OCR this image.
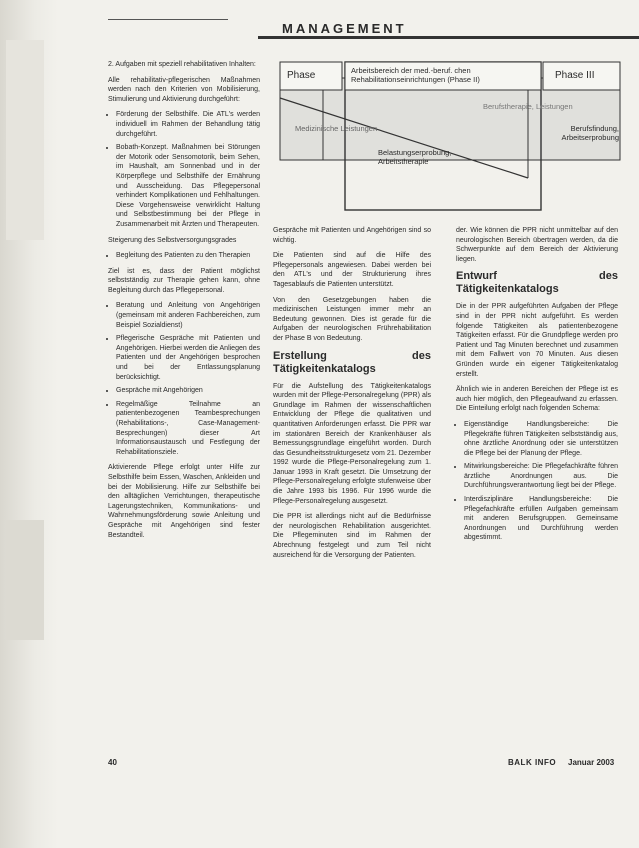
MANAGEMENT
Phase	Phase III
Arbeitsbereich der med.-beruf. chen Rehabilitationseinrichtungen (Phase II)
Berufstherapie, Leistungen
Medizinische Leistungen	Berufsfindung, Arbeitserprobung
Belastungserprobung, Arbeitstherapie

2. Aufgaben mit speziell rehabilitativen Inhalten:

Alle rehabilitativ-pflegerischen Maßnahmen werden nach den Kriterien von Mobilisierung, Stimulierung und Aktivierung durchgeführt:

• Förderung der Selbsthilfe. Die ATL's werden individuell im Rahmen der Behandlung tätig durchgeführt.
• Bobath-Konzept. Maßnahmen bei Störungen der Motorik oder Sensomotorik, beim Sehen, im Haushalt, am Sonnenbad und in der Körperpflege und Selbsthilfe der Ernährung und Ausscheidung. Das Pflegepersonal verhindert Komplikationen und Fehlhaltungen. Diese Vorgehensweise verwirklicht Haltung und Selbstbestimmung bei der Pflege in Zusammenarbeit mit Ärzten und Therapeuten.

Steigerung des Selbstversorgungsgrades

• Begleitung des Patienten zu den Therapien

Ziel ist es, dass der Patient möglichst selbstständig zur Therapie gehen kann, ohne Begleitung durch das Pflegepersonal.

• Beratung und Anleitung von Angehörigen (gemeinsam mit anderen Fachbereichen, zum Beispiel Sozialdienst)
• Pflegerische Gespräche mit Patienten und Angehörigen. Hierbei werden die Anliegen des Patienten und der Angehörigen besprochen und bei der Entlassungsplanung berücksichtigt.
• Gespräche mit Angehörigen
• Regelmäßige Teilnahme an patientenbezogenen Teambesprechungen (Rehabilitations-, Case-Management-Besprechungen) dieser Art Informationsaustausch und Festlegung der Rehabilitationsziele.

Aktivierende Pflege erfolgt unter Hilfe zur Selbsthilfe beim Essen, Waschen, Ankleiden und bei der Mobilisierung. Hilfe zur Selbsthilfe bei den alltäglichen Verrichtungen, therapeutische Lagerungstechniken, Kommunikations- und Wahrnehmungsförderung sowie Anleitung und Gespräche mit Angehörigen sind fester Bestandteil.

Gespräche mit Patienten und Angehörigen sind so wichtig.

Die Patienten sind auf die Hilfe des Pflegepersonals angewiesen. Dabei werden bei den ATL's und der Strukturierung ihres Tagesablaufs die Patienten unterstützt.

Von den Gesetzgebungen haben die medizinischen Leistungen immer mehr an Bedeutung gewonnen. Dies ist gerade für die Aufgaben der neurologischen Frührehabilitation der Phase B von Bedeutung.

Erstellung des Tätigkeitenkatalogs

Für die Aufstellung des Tätigkeitenkatalogs wurden mit der Pflege-Personalregelung (PPR) als Grundlage im Rahmen der wissenschaftlichen Entwicklung der Pflege die qualitativen und quantitativen Anforderungen erfasst. Die PPR war im stationären Bereich der Krankenhäuser als Bemessungsgrundlage eingeführt worden. Durch das Gesundheitsstrukturgesetz vom 21. Dezember 1992 wurde die Pflege-Personalregelung zum 1. Januar 1993 in Kraft gesetzt. Die Umsetzung der Pflege-Personalregelung erfolgte stufenweise über die Jahre 1993 bis 1996. Für 1996 wurde die Pflege-Personalregelung ausgesetzt.

Die PPR ist allerdings nicht auf die Bedürfnisse der neurologischen Rehabilitation ausgerichtet. Die Pflegeminuten sind im Rahmen der Abrechnung festgelegt und zum Teil nicht ausreichend für die Versorgung der Patienten.

der. Wie können die PPR nicht unmittelbar auf den neurologischen Bereich übertragen werden, da die Schwerpunkte auf dem Bereich der Aktivierung liegen.

Entwurf des Tätigkeitenkatalogs

Die in der PPR aufgeführten Aufgaben der Pflege sind in der PPR nicht aufgeführt. Es werden folgende Tätigkeiten als patientenbezogene Tätigkeiten erfasst. Für die Grundpflege werden pro Patient und Tag Minuten berechnet und zusammen mit dem Fallwert von 70 Minuten. Aus diesen Gründen wurde ein eigener Tätigkeitenkatalog erstellt.

Ähnlich wie in anderen Bereichen der Pflege ist es auch hier möglich, den Pflegeaufwand zu erfassen. Die Einteilung erfolgt nach folgenden Schema:

• Eigenständige Handlungsbereiche: Die Pflegekräfte führen Tätigkeiten selbstständig aus, ohne ärztliche Anordnung oder sie unterstützen die Pflege bei der Planung der Pflege.
• Mitwirkungsbereiche: Die Pflegefachkräfte führen ärztliche Anordnungen aus. Die Durchführungsverantwortung liegt bei der Pflege.
• Interdisziplinäre Handlungsbereiche: Die Pflegefachkräfte erfüllen Aufgaben gemeinsam mit anderen Berufsgruppen. Gemeinsame Anordnungen und Durchführung werden abgestimmt.
40	BALK INFO Januar 2003
